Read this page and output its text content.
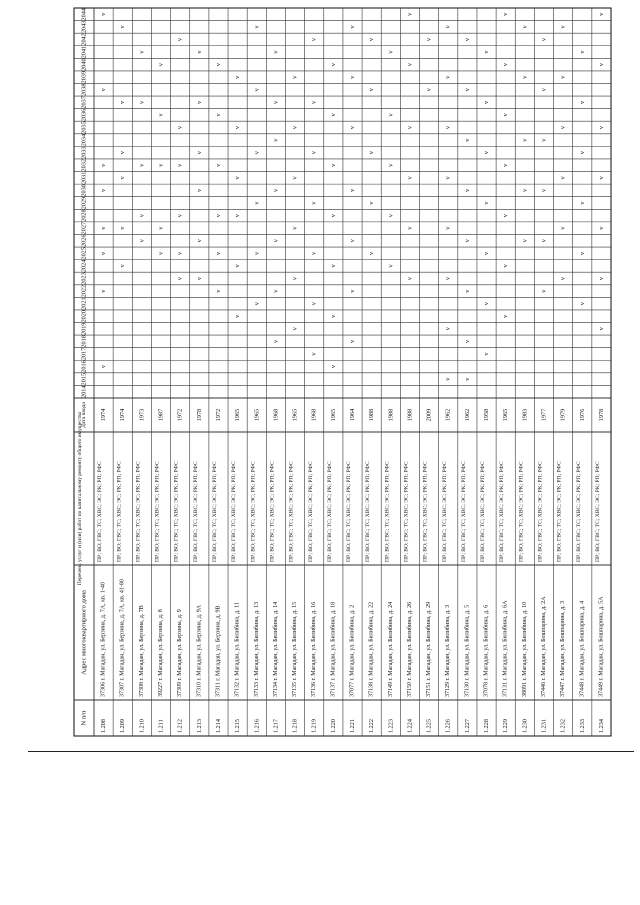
N п/п
Адрес многоквартирного дома
Перечень услуг и (или) работ по капитальному ремонту общего имущества
Дата ввода
2014
2015
2016
2017
2018
2019
2020
2021
2022
2023
2024
2025
2026
2027
2028
2029
2030
2031
2032
2033
2034
2035
2036
2037
2038
2039
2040
2041
2042
2043
2044
1.208
37306 г. Магадан, ул. Берзина, д. 7А, кв. 1-40
ПР; ВО; ГВС; ТС; ХВС; ЭС; РК; РП; РФС
1974
v
v
v
v
v
v
v
v
1.209
37307 г. Магадан, ул. Берзина, д. 7А, кв. 41-80
ПР; ВО; ГВС; ТС; ХВС; ЭС; РК; РП; РФС
1974
v
v
v
v
v
v
1.210
37308 г. Магадан, ул. Берзина, д. 7В
ПР; ВО; ГВС; ТС; ХВС; ЭС; РК; РП; РФС
1973
v
v
v
v
v
1.211
39227 г. Магадан, ул. Берзина, д. 8
ПР; ВО; ГВС; ТС; ХВС; ЭС; РК; РП; РФС
1987
v
v
v
v
v
1.212
37309 г. Магадан, ул. Берзина, д. 9
ПР; ВО; ГВС; ТС; ХВС; ЭС; РК; РП; РФС
1972
v
v
v
v
v
v
1.213
37310 г. Магадан, ул. Берзина, д. 9А
ПР; ВО; ГВС; ТС; ХВС; ЭС; РК; РП; РФС
1978
v
v
v
v
v
v
1.214
37311 г. Магадан, ул. Берзина, д. 9В
ПР; ВО; ГВС; ТС; ХВС; ЭС; РК; РП; РФС
1972
v
v
v
v
v
v
1.215
37132 г. Магадан, ул. Билибина, д. 11
ПР; ВО; ГВС; ТС; ХВС; ЭС; РК; РП; РФС
1965
v
v
v
v
v
v
1.216
37133 г. Магадан, ул. Билибина, д. 13
ПР; ВО; ГВС; ТС; ХВС; ЭС; РК; РП; РФС
1965
v
v
v
v
v
v
1.217
37134 г. Магадан, ул. Билибина, д. 14
ПР; ВО; ГВС; ТС; ХВС; ЭС; РК; РП; РФС
1968
v
v
v
v
v
v
v
1.218
37135 г. Магадан, ул. Билибина, д. 15
ПР; ВО; ГВС; ТС; ХВС; ЭС; РК; РП; РФС
1965
v
v
v
v
v
v
1.219
37136 г. Магадан, ул. Билибина, д. 16
ПР; ВО; ГВС; ТС; ХВС; ЭС; РК; РП; РФС
1968
v
v
v
v
v
v
v
1.220
37137 г. Магадан, ул. Билибина, д. 18
ПР; ВО; ГВС; ТС; ХВС; ЭС; РК; РП; РФС
1965
v
v
v
v
v
v
v
1.221
37077 г. Магадан, ул. Билибина, д. 2
ПР; ВО; ГВС; ТС; ХВС; ЭС; РК; РП; РФС
1964
v
v
v
v
v
v
v
1.222
37138 г. Магадан, ул. Билибина, д. 22
ПР; ВО; ГВС; ТС; ХВС; ЭС; РК; РП; РФС
1988
v
v
v
v
v
1.223
37149 г. Магадан, ул. Билибина, д. 24
ПР; ВО; ГВС; ТС; ХВС; ЭС; РК; РП; РФС
1988
v
v
v
v
v
1.224
37150 г. Магадан, ул. Билибина, д. 26
ПР; ВО; ГВС; ТС; ХВС; ЭС; РК; РП; РФС
1988
v
v
v
v
v
v
1.225
37151 г. Магадан, ул. Билибина, д. 29
ПР; ВО; ГВС; ТС; ХВС; ЭС; РК; РП; РФС
2009
v
v
1.226
37129 г. Магадан, ул. Билибина, д. 3
ПР; ВО; ГВС; ТС; ХВС; ЭС; РК; РП; РФС
1962
v
v
v
v
v
v
v
v
1.227
37130 г. Магадан, ул. Билибина, д. 5
ПР; ВО; ГВС; ТС; ХВС; ЭС; РК; РП; РФС
1962
v
v
v
v
v
v
v
v
1.228
37078 г. Магадан, ул. Билибина, д. 6
ПР; ВО; ГВС; ТС; ХВС; ЭС; РК; РП; РФС
1958
v
v
v
v
v
v
v
1.229
37131 г. Магадан, ул. Билибина, д. 6А
ПР; ВО; ГВС; ТС; ХВС; ЭС; РК; РП; РФС
1965
v
v
v
v
v
v
v
1.230
38091 г. Магадан, ул. Билибина, д. 10
ПР; ВО; ГВС; ТС; ХВС; ЭС; РК; РП; РФС
1983
v
v
v
v
v
1.231
37446 г. Магадан, ул. Бошпарина, д. 2А
ПР; ВО; ГВС; ТС; ХВС; ЭС; РК; РП; РФС
1977
v
v
v
v
v
v
1.232
37447 г. Магадан, ул. Бошпарина, д. 3
ПР; ВО; ГВС; ТС; ХВС; ЭС; РК; РП; РФС
1979
v
v
v
v
v
v
1.233
37448 г. Магадан, ул. Бошпарина, д. 4
ПР; ВО; ГВС; ТС; ХВС; ЭС; РК; РП; РФС
1976
v
v
v
v
v
v
1.234
37449 г. Магадан, ул. Бошпарина, д. 5А
ПР; ВО; ГВС; ТС; ХВС; ЭС; РК; РП; РФС
1978
v
v
v
v
v
v
v
